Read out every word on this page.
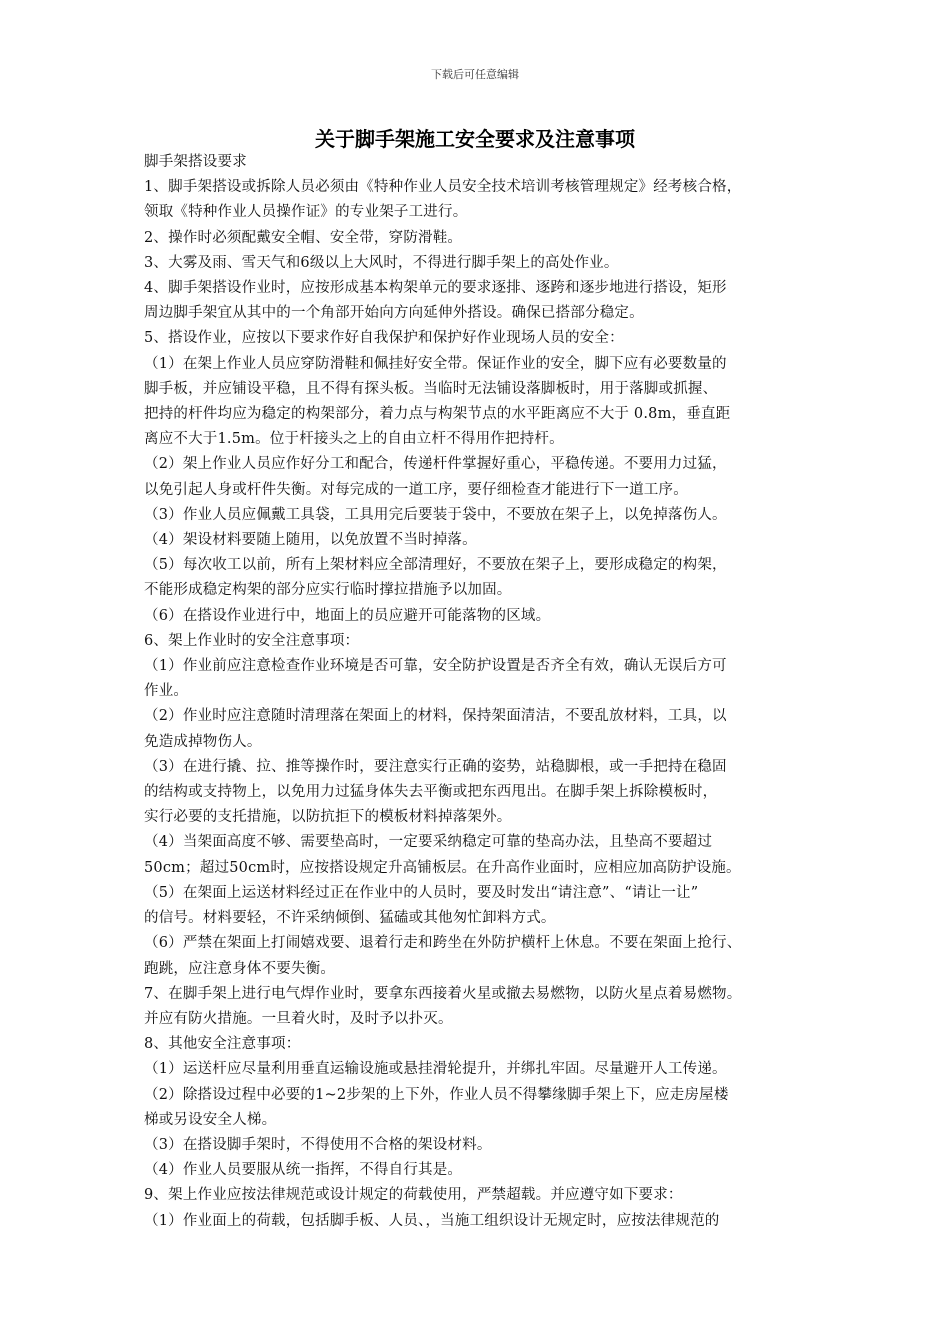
下载后可任意编辑
关于脚手架施工安全要求及注意事项
脚手架搭设要求
1、脚手架搭设或拆除人员必须由《特种作业人员安全技术培训考核管理规定》经考核合格，
领取《特种作业人员操作证》的专业架子工进行。
2、操作时必须配戴安全帽、安全带，穿防滑鞋。
3、大雾及雨、雪天气和6级以上大风时，不得进行脚手架上的高处作业。
4、脚手架搭设作业时，应按形成基本构架单元的要求逐排、逐跨和逐步地进行搭设，矩形
周边脚手架宜从其中的一个角部开始向方向延伸外搭设。确保已搭部分稳定。
5、搭设作业，应按以下要求作好自我保护和保护好作业现场人员的安全：
（1）在架上作业人员应穿防滑鞋和佩挂好安全带。保证作业的安全，脚下应有必要数量的
脚手板，并应铺设平稳，且不得有探头板。当临时无法铺设落脚板时，用于落脚或抓握、
把持的杆件均应为稳定的构架部分，着力点与构架节点的水平距离应不大于 0.8m，垂直距
离应不大于1.5m。位于杆接头之上的自由立杆不得用作把持杆。
（2）架上作业人员应作好分工和配合，传递杆件掌握好重心，平稳传递。不要用力过猛，
以免引起人身或杆件失衡。对每完成的一道工序，要仔细检查才能进行下一道工序。
（3）作业人员应佩戴工具袋，工具用完后要装于袋中，不要放在架子上，以免掉落伤人。
（4）架设材料要随上随用，以免放置不当时掉落。
（5）每次收工以前，所有上架材料应全部清理好，不要放在架子上，要形成稳定的构架，
不能形成稳定构架的部分应实行临时撑拉措施予以加固。
（6）在搭设作业进行中，地面上的员应避开可能落物的区域。
6、架上作业时的安全注意事项：
（1）作业前应注意检查作业环境是否可靠，安全防护设置是否齐全有效，确认无误后方可
作业。
（2）作业时应注意随时清理落在架面上的材料，保持架面清洁，不要乱放材料，工具，以
免造成掉物伤人。
（3）在进行撬、拉、推等操作时，要注意实行正确的姿势，站稳脚根，或一手把持在稳固
的结构或支持物上，以免用力过猛身体失去平衡或把东西甩出。在脚手架上拆除模板时，
实行必要的支托措施，以防抗拒下的模板材料掉落架外。
（4）当架面高度不够、需要垫高时，一定要采纳稳定可靠的垫高办法，且垫高不要超过
50cm；超过50cm时，应按搭设规定升高铺板层。在升高作业面时，应相应加高防护设施。
（5）在架面上运送材料经过正在作业中的人员时，要及时发出“请注意”、“请让一让”
的信号。材料要轻，不许采纳倾倒、猛磕或其他匆忙卸料方式。
（6）严禁在架面上打闹嬉戏要、退着行走和跨坐在外防护横杆上休息。不要在架面上抢行、
跑跳，应注意身体不要失衡。
7、在脚手架上进行电气焊作业时，要拿东西接着火星或撤去易燃物，以防火星点着易燃物。
并应有防火措施。一旦着火时，及时予以扑灭。
8、其他安全注意事项：
（1）运送杆应尽量利用垂直运输设施或悬挂滑轮提升，并绑扎牢固。尽量避开人工传递。
（2）除搭设过程中必要的1~2步架的上下外，作业人员不得攀缘脚手架上下，应走房屋楼
梯或另设安全人梯。
（3）在搭设脚手架时，不得使用不合格的架设材料。
（4）作业人员要服从统一指挥，不得自行其是。
9、架上作业应按法律规范或设计规定的荷载使用，严禁超载。并应遵守如下要求：
（1）作业面上的荷载，包括脚手板、人员、，当施工组织设计无规定时，应按法律规范的
